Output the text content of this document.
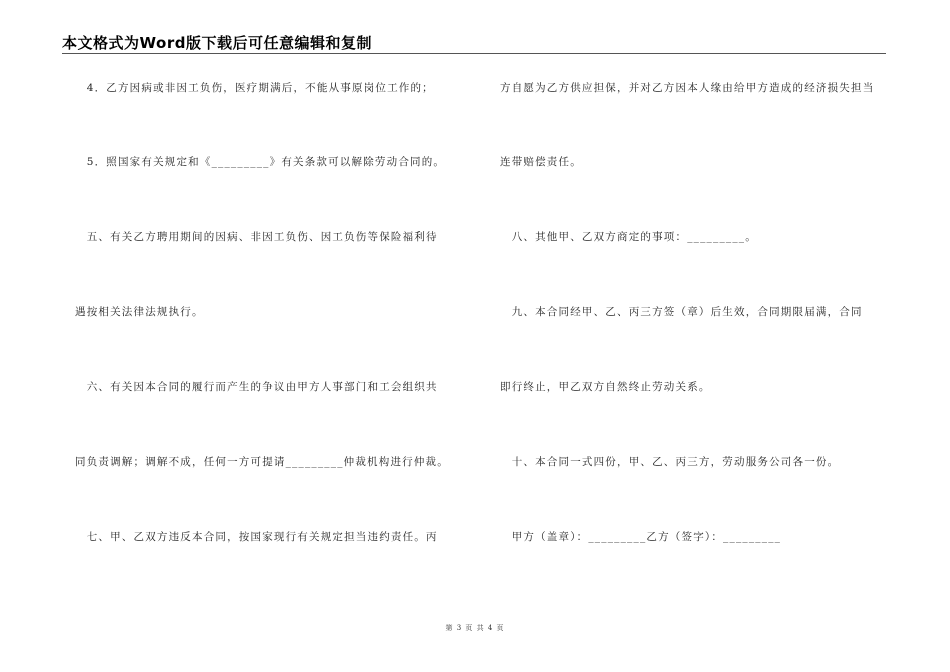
本文格式为Word版下载后可任意编辑和复制
　4．乙方因病或非因工负伤，医疗期满后，不能从事原岗位工作的；
　5．照国家有关规定和《_________》有关条款可以解除劳动合同的。
　五、有关乙方聘用期间的因病、非因工负伤、因工负伤等保险福利待
遇按相关法律法规执行。
　六、有关因本合同的履行而产生的争议由甲方人事部门和工会组织共
同负责调解；调解不成，任何一方可提请_________仲裁机构进行仲裁。
　七、甲、乙双方违反本合同，按国家现行有关规定担当违约责任。丙
方自愿为乙方供应担保，并对乙方因本人缘由给甲方造成的经济损失担当
连带赔偿责任。
　八、其他甲、乙双方商定的事项：_________。
　九、本合同经甲、乙、丙三方签（章）后生效，合同期限届满，合同
即行终止，甲乙双方自然终止劳动关系。
　十、本合同一式四份，甲、乙、丙三方，劳动服务公司各一份。
　甲方（盖章）：_________乙方（签字）：_________
第 3 页 共 4 页
